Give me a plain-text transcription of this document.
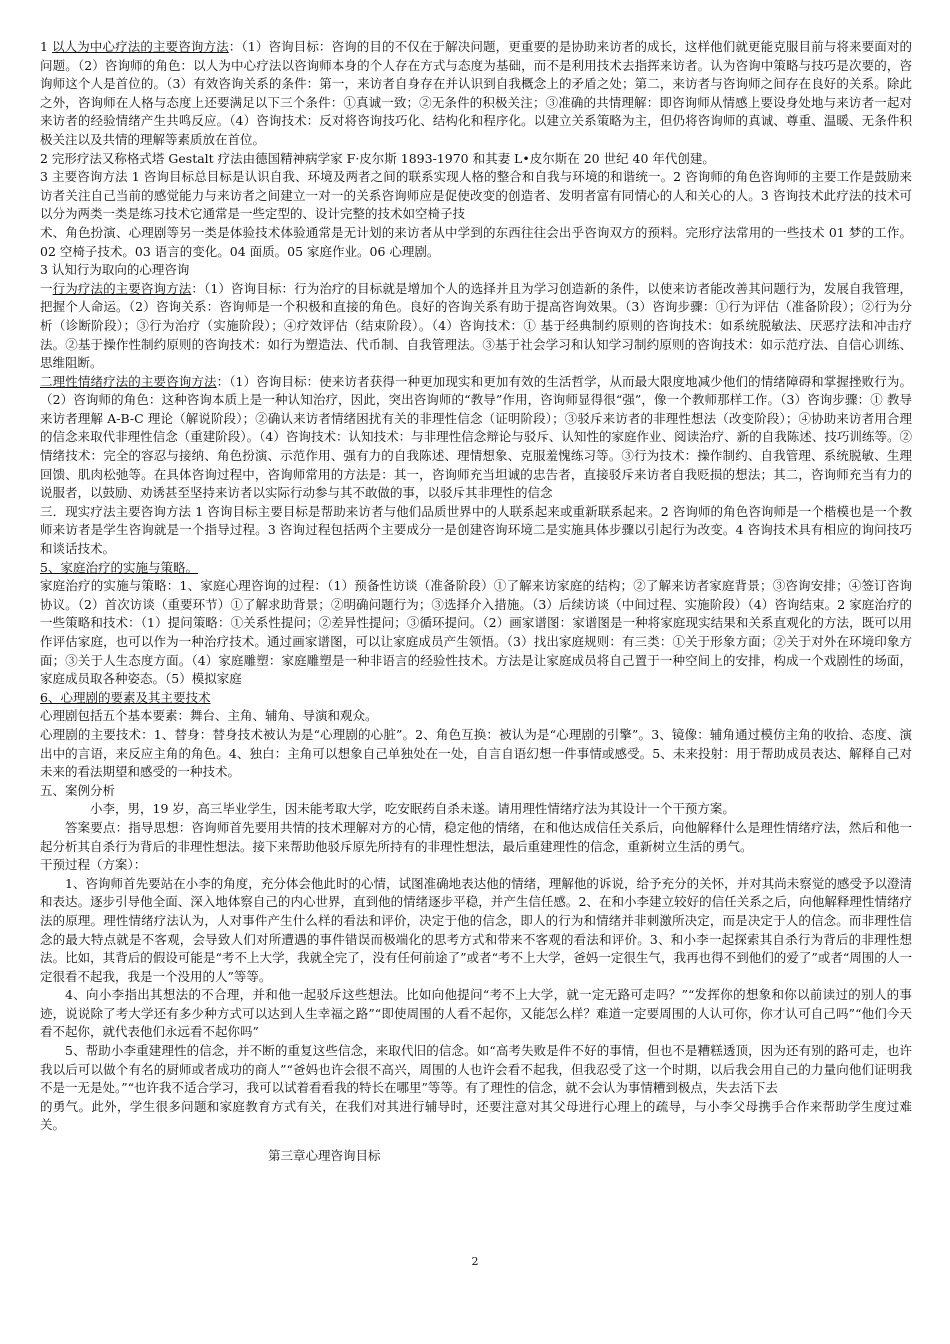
1 以人为中心疗法的主要咨询方法：（1）咨询目标：咨询的目的不仅在于解决问题，更重要的是协助来访者的成长，这样他们就更能克服目前与将来要面对的问题。（2）咨询师的角色：以人为中心疗法以咨询师本身的个人存在方式与态度为基础，而不是利用技术去指挥来访者。认为咨询中策略与技巧是次要的，咨询师这个人是首位的。（3）有效咨询关系的条件：第一，来访者自身存在并认识到自我概念上的矛盾之处；第二，来访者与咨询师之间存在良好的关系。除此之外，咨询师在人格与态度上还要满足以下三个条件：①真诚一致；②无条件的积极关注；③准确的共情理解：即咨询师从情感上要设身处地与来访者一起对来访者的经验情绪产生共鸣反应。（4）咨询技术：反对将咨询技巧化、结构化和程序化。以建立关系策略为主，但仍将咨询师的真诚、尊重、温暖、无条件积极关注以及共情的理解等素质放在首位。

2 完形疗法又称格式塔 Gestalt 疗法由德国精神病学家 F·皮尔斯 1893-1970 和其妻 L•皮尔斯在 20 世纪 40 年代创建。

3 主要咨询方法 1 咨询目标总目标是认识自我、环境及两者之间的联系实现人格的整合和自我与环境的和谐统一。2 咨询师的角色咨询师的主要工作是鼓励来访者关注自己当前的感觉能力与来访者之间建立一对一的关系咨询师应是促使改变的创造者、发明者富有同情心的人和关心的人。3 咨询技术此疗法的技术可以分为两类一类是练习技术它通常是一些定型的、设计完整的技术如空椅子技

术、角色扮演、心理剧等另一类是体验技术体验通常是无计划的来访者从中学到的东西往往会出乎咨询双方的预料。完形疗法常用的一些技术 01 梦的工作。02 空椅子技术。03 语言的变化。04 面质。05 家庭作业。06 心理剧。

3 认知行为取向的心理咨询

一行为疗法的主要咨询方法：（1）咨询目标：行为治疗的目标就是增加个人的选择并且为学习创造新的条件，以使来访者能改善其问题行为，发展自我管理，把握个人命运。（2）咨询关系：咨询师是一个积极和直接的角色。良好的咨询关系有助于提高咨询效果。（3）咨询步骤：①行为评估（准备阶段）；②行为分析（诊断阶段）；③行为治疗（实施阶段）；④疗效评估（结束阶段）。（4）咨询技术：① 基于经典制约原则的咨询技术：如系统脱敏法、厌恶疗法和冲击疗法。②基于操作性制约原则的咨询技术：如行为塑造法、代币制、自我管理法。③基于社会学习和认知学习制约原则的咨询技术：如示范疗法、自信心训练、思维阻断。

二理性情绪疗法的主要咨询方法：（1）咨询目标：使来访者获得一种更加现实和更加有效的生活哲学，从而最大限度地减少他们的情绪障碍和掌握挫败行为。（2）咨询师的角色：这种咨询本质上是一种认知治疗，因此，突出咨询师的“教导”作用，咨询师显得很“强”，像一个教师那样工作。（3）咨询步骤：① 教导来访者理解 A-B-C 理论（解说阶段）；②确认来访者情绪困扰有关的非理性信念（证明阶段）；③驳斥来访者的非理性想法（改变阶段）；④协助来访者用合理的信念来取代非理性信念（重建阶段）。（4）咨询技术：认知技术：与非理性信念辩论与驳斥、认知性的家庭作业、阅读治疗、新的自我陈述、技巧训练等。②情绪技术：完全的容忍与接纳、角色扮演、示范作用、强有力的自我陈述、理情想象、克服羞愧练习等。③行为技术：操作制约、自我管理、系统脱敏、生理回馈、肌肉松弛等。在具体咨询过程中，咨询师常用的方法是：其一，咨询师充当坦诚的忠告者，直接驳斥来访者自我贬损的想法；其二，咨询师充当有力的说服者，以鼓励、劝诱甚至坚持来访者以实际行动参与其不敢做的事，以驳斥其非理性的信念

三．现实疗法主要咨询方法 1 咨询目标主要目标是帮助来访者与他们品质世界中的人联系起来或重新联系起来。2 咨询师的角色咨询师是一个楷模也是一个教师来访者是学生咨询就是一个指导过程。3 咨询过程包括两个主要成分一是创建咨询环境二是实施具体步骤以引起行为改变。4 咨询技术具有相应的询问技巧和谈话技术。

5、家庭治疗的实施与策略。

家庭治疗的实施与策略：1、家庭心理咨询的过程：（1）预备性访谈（准备阶段）①了解来访家庭的结构；②了解来访者家庭背景；③咨询安排；④签订咨询协议。（2）首次访谈（重要环节）①了解求助背景；②明确问题行为；③选择介入措施。（3）后续访谈（中间过程、实施阶段）（4）咨询结束。2 家庭治疗的一些策略和技术：（1）提问策略：①关系性提问；②差异性提问；③循环提问。（2）画家谱图：家谱图是一种将家庭现实结果和关系直观化的方法，既可以用作评估家庭，也可以作为一种治疗技术。通过画家谱图，可以让家庭成员产生领悟。（3）找出家庭规则：有三类：①关于形象方面；②关于对外在环境印象方面；③关于人生态度方面。（4）家庭雕塑：家庭雕塑是一种非语言的经验性技术。方法是让家庭成员将自己置于一种空间上的安排，构成一个戏剧性的场面，家庭成员取各种姿态。（5）模拟家庭

6、心理剧的要素及其主要技术

心理剧包括五个基本要素：舞台、主角、辅角、导演和观众。

心理剧的主要技术：1、替身：替身技术被认为是“心理剧的心脏”。2、角色互换：被认为是“心理剧的引擎”。3、镜像：辅角通过模仿主角的收拾、态度、演出中的言语，来反应主角的角色。4、独白：主角可以想象自己单独处在一处，自言自语幻想一件事情或感受。5、未来投射：用于帮助成员表达、解释自己对未来的看法期望和感受的一种技术。

五、案例分析

小李，男，19 岁，高三毕业学生，因未能考取大学，吃安眠药自杀未遂。请用理性情绪疗法为其设计一个干预方案。

答案要点：指导思想：咨询师首先要用共情的技术理解对方的心情，稳定他的情绪，在和他达成信任关系后，向他解释什么是理性情绪疗法，然后和他一起分析其自杀行为背后的非理性想法。接下来帮助他驳斥原先所持有的非理性想法，最后重建理性的信念，重新树立生活的勇气。

干预过程（方案）：

1、咨询师首先要站在小李的角度，充分体会他此时的心情，试图准确地表达他的情绪，理解他的诉说，给予充分的关怀，并对其尚未察觉的感受予以澄清和表达。逐步引导他全面、深入地体察自己的内心世界，直到他的情绪逐步平稳，并产生信任感。2、在和小李建立较好的信任关系之后，向他解释理性情绪疗法的原理。理性情绪疗法认为，人对事件产生什么样的看法和评价，决定于他的信念，即人的行为和情绪并非刺激所决定，而是决定于人的信念。而非理性信念的最大特点就是不客观，会导致人们对所遭遇的事件错误而极端化的思考方式和带来不客观的看法和评价。3、和小李一起探索其自杀行为背后的非理性想法。比如，其背后的假设可能是“考不上大学，我就全完了，没有任何前途了”或者“考不上大学，爸妈一定很生气，我再也得不到他们的爱了”或者“周围的人一定很看不起我，我是一个没用的人”等等。

4、向小李指出其想法的不合理，并和他一起驳斥这些想法。比如向他提问“考不上大学，就一定无路可走吗？”“发挥你的想象和你以前读过的别人的事迹，说说除了考大学还有多少种方式可以达到人生幸福之路”“即使周围的人看不起你，又能怎么样？难道一定要周围的人认可你，你才认可自己吗”“他们今天看不起你，就代表他们永远看不起你吗”

5、帮助小李重建理性的信念，并不断的重复这些信念，来取代旧的信念。如“高考失败是件不好的事情，但也不是糟糕透顶，因为还有别的路可走，也许我以后可以做个有名的厨师或者成功的商人”“爸妈也许会很不高兴，周围的人也许会看不起我，但我忍受了这一个时期，以后我会用自己的力量向他们证明我不是一无是处。”“也许我不适合学习，我可以试着看看我的特长在哪里”等等。有了理性的信念，就不会认为事情糟到极点，失去活下去

的勇气。此外，学生很多问题和家庭教育方式有关，在我们对其进行辅导时，还要注意对其父母进行心理上的疏导，与小李父母携手合作来帮助学生度过难关。

第三章心理咨询目标

2
